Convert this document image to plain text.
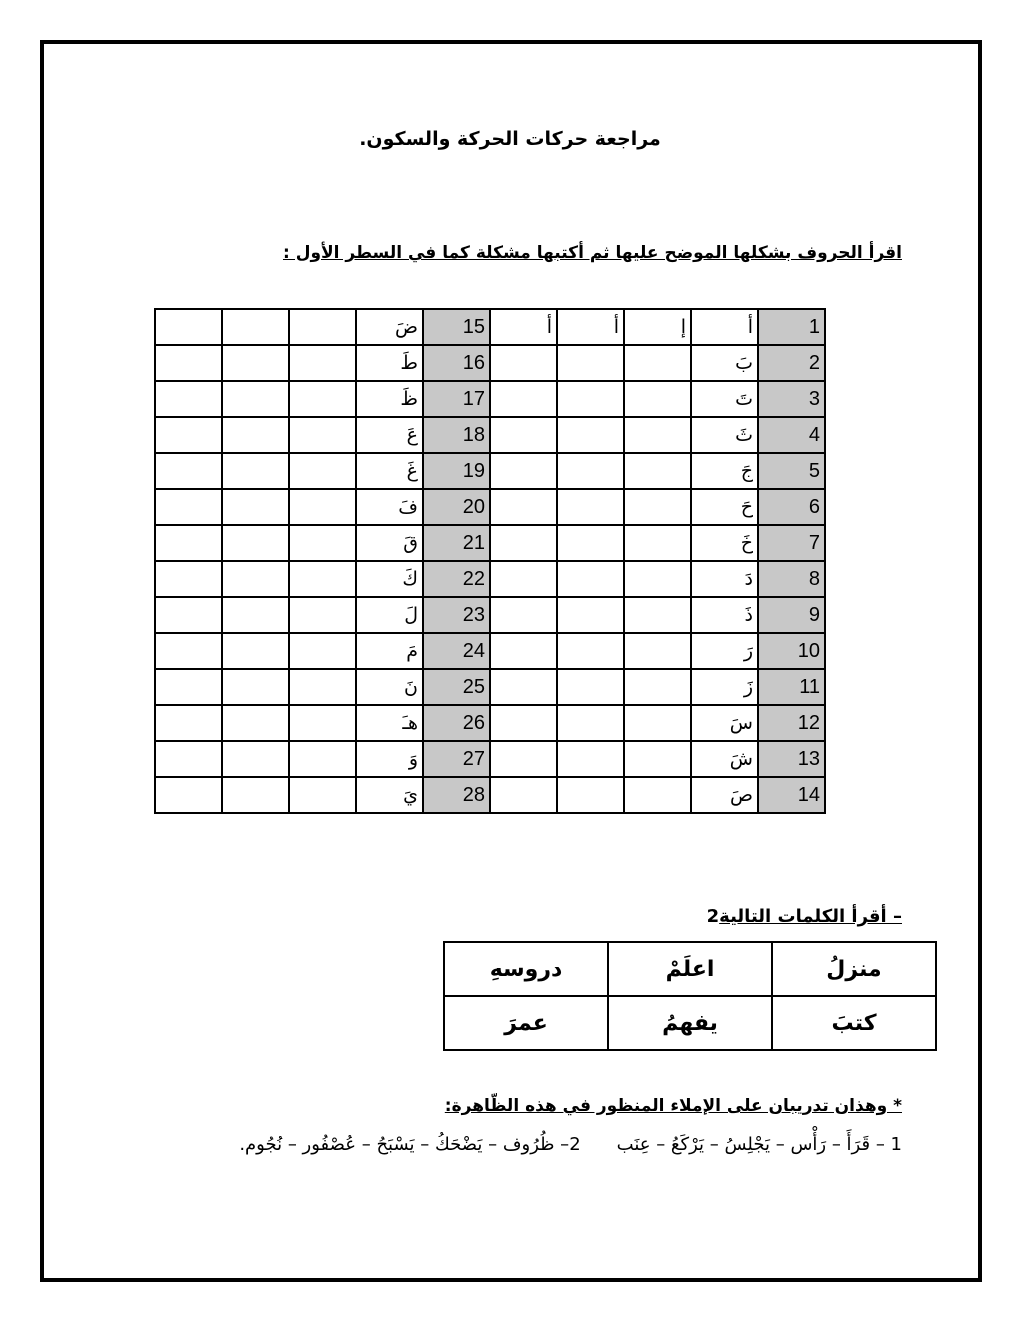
مراجعة حركات الحركة والسكون.
اقرأ الحروف بشكلها الموضح عليها ثم أكتبها مشكلة كما في السطر الأول :
			ضَ	15	أ	أ	إ	أ	1
			طَ	16				بَ	2
			ظَ	17				تَ	3
			عَ	18				ثَ	4
			غَ	19				جَ	5
			فَ	20				حَ	6
			قَ	21				خَ	7
			كَ	22				دَ	8
			لَ	23				ذَ	9
			مَ	24				رَ	10
			نَ	25				زَ	11
			هـَ	26				سَ	12
			وَ	27				شَ	13
			يَ	28				صَ	14
– أقرأ الكلمات التالية2
منزلُ	اعلَمْ	دروسهِ
كتبَ	يفهمُ	عمرَ
* وهذان تدريبان على الإملاء المنظور في هذه الظّاهرة:
1 – قَرَأَ – رَأْس – يَجْلِسُ – يَرْكَعُ – عِنَب2– ظُرُوف – يَضْحَكُ – يَسْبَحُ – عُصْفُور – نُجُوم.
